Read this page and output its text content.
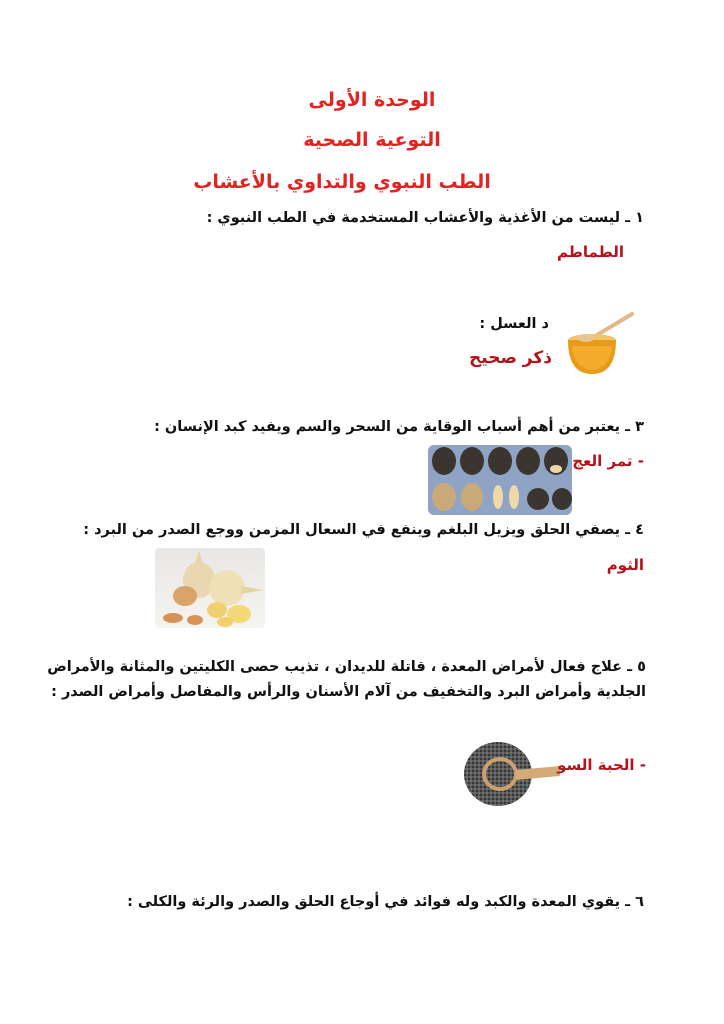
الوحدة الأولى
التوعية الصحية
الطب النبوي والتداوي بالأعشاب
١ ـ ليست من الأغذية والأعشاب المستخدمة في الطب النبوي :
الطماطم
د العسل :
ذكر صحيح
٣ ـ يعتبر من أهم أسباب الوقاية من السحر والسم ويفيد كبد الإنسان :
- تمر العج
٤ ـ يصفي الحلق ويزيل البلغم وينفع في السعال المزمن ووجع الصدر من البرد :
الثوم
٥ ـ علاج فعال لأمراض المعدة ، قاتلة للديدان ، تذيب حصى الكليتين والمثانة والأمراض
الجلدية وأمراض البرد والتخفيف من آلام الأسنان والرأس والمفاصل وأمراض الصدر :
- الحبة السو
٦ ـ يقوي المعدة والكبد وله فوائد في أوجاع الحلق والصدر والرئة والكلى :
